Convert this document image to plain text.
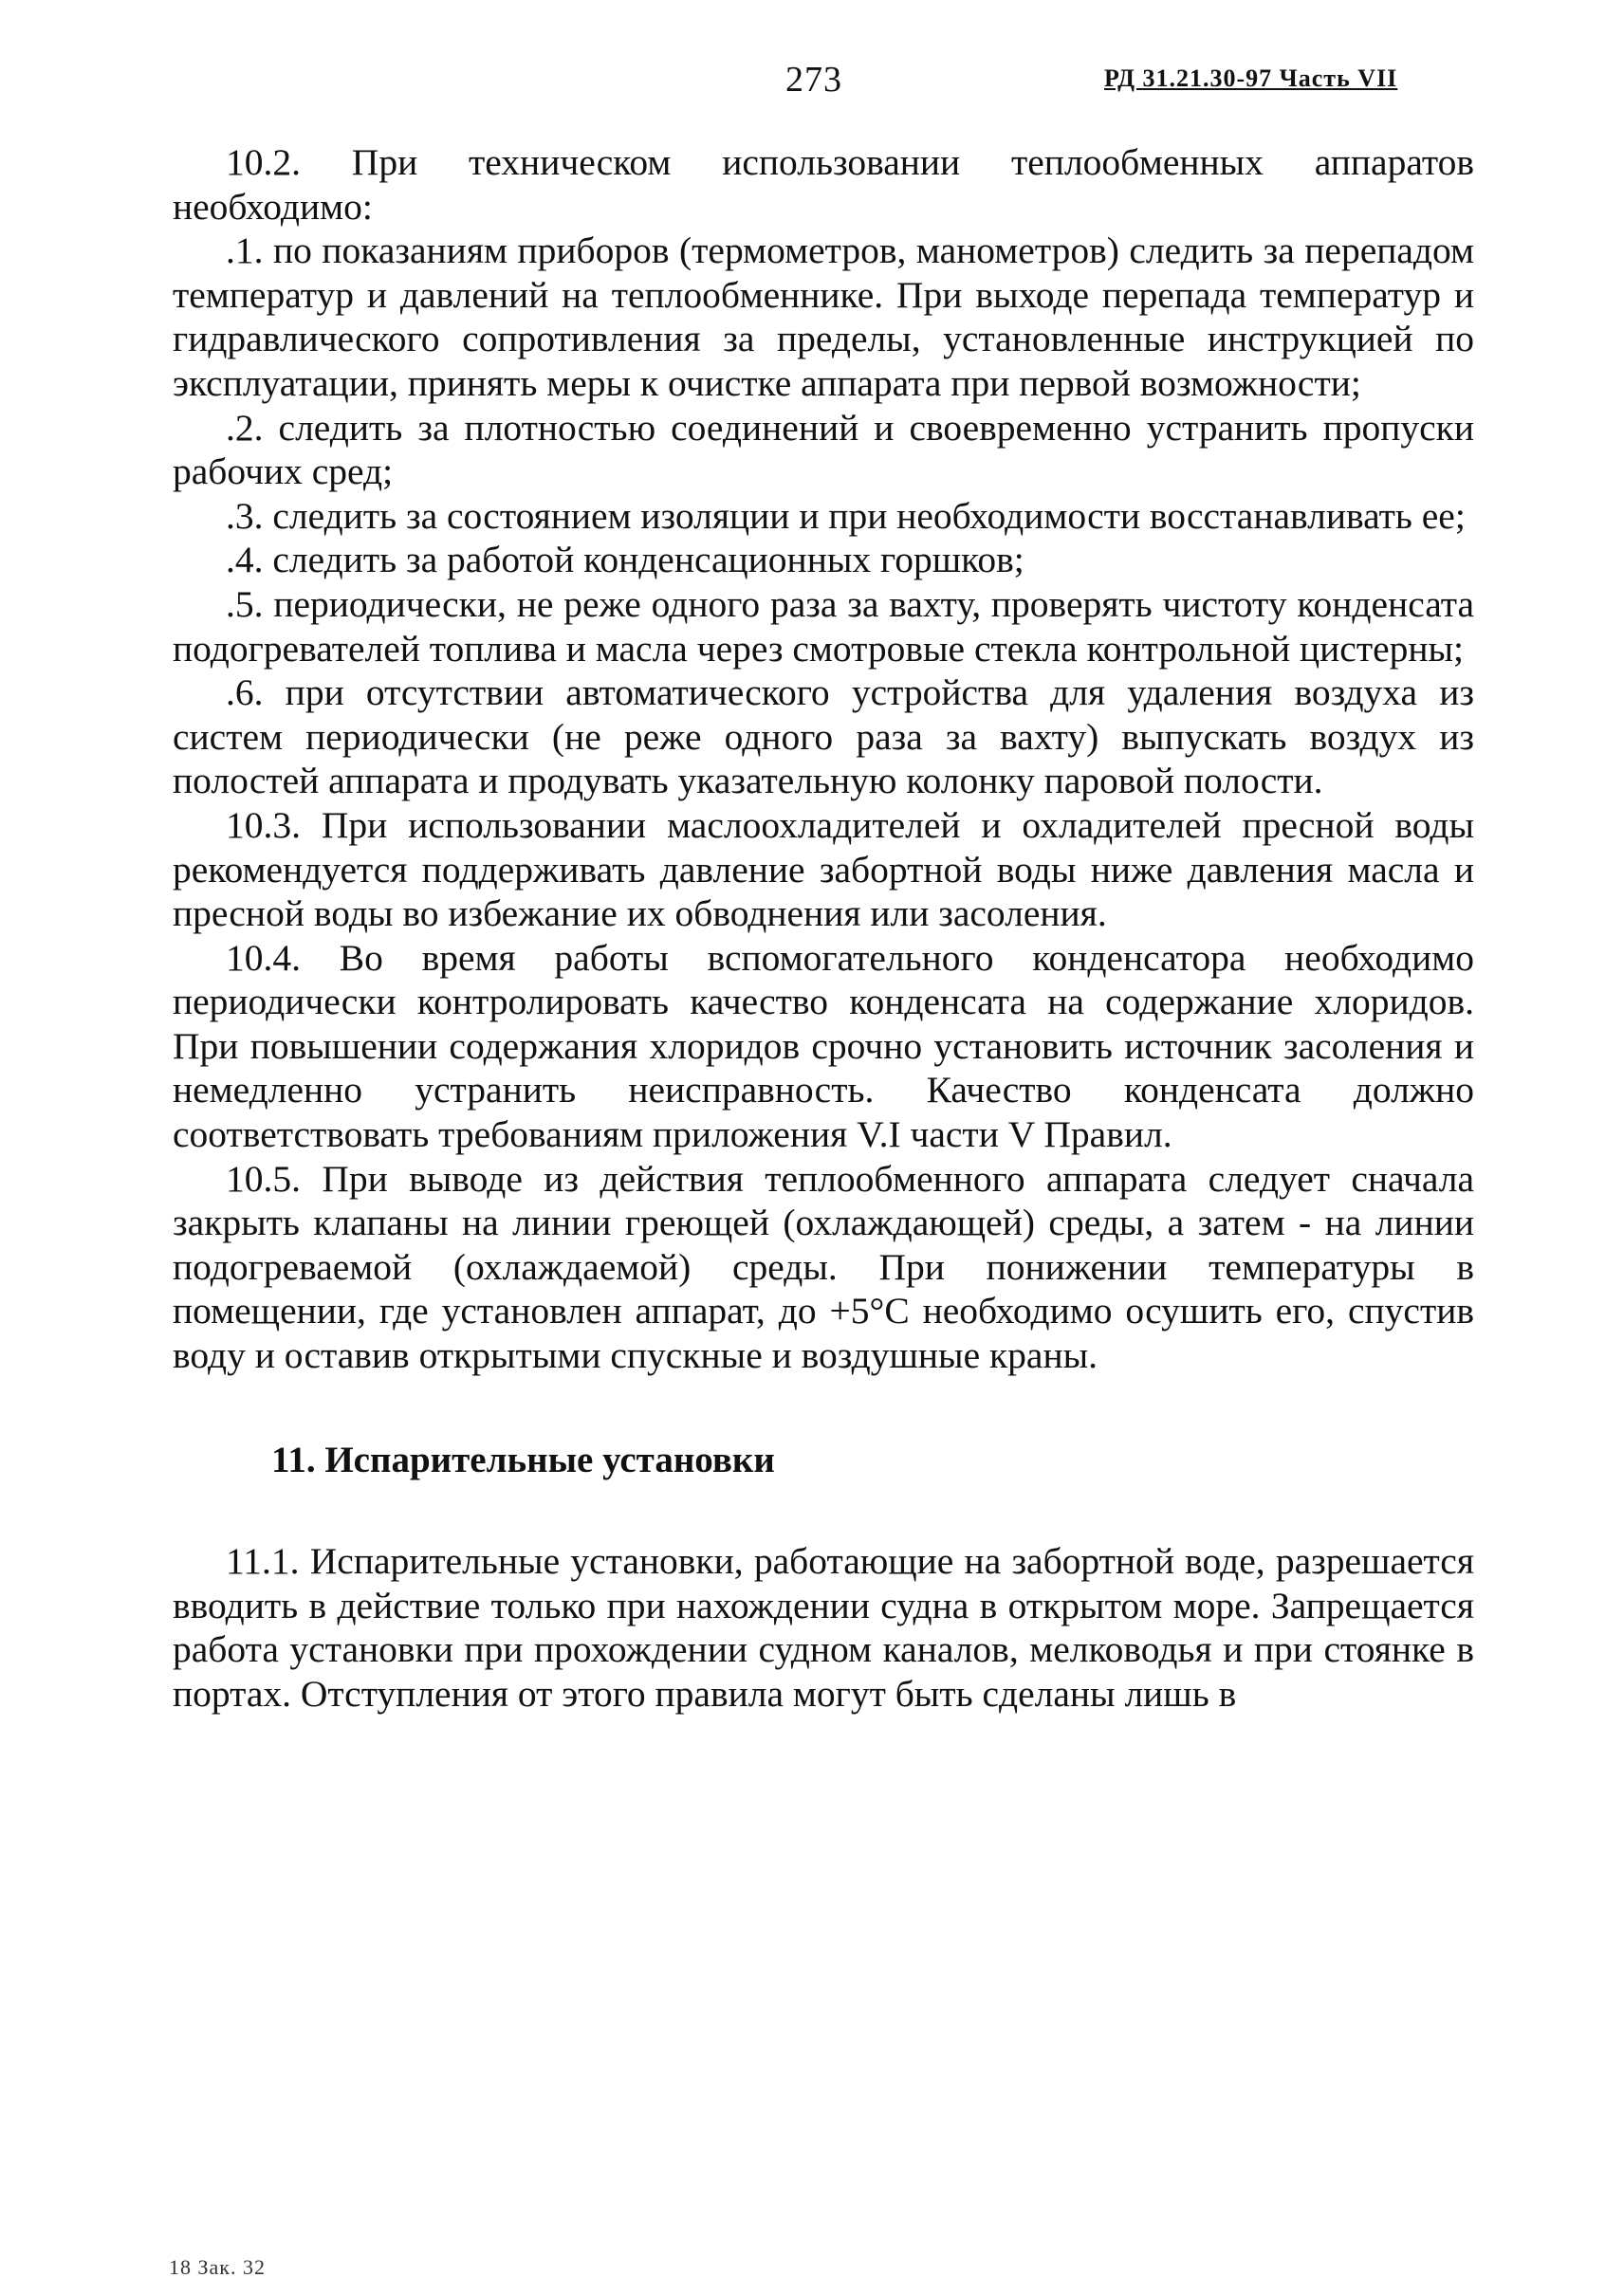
273	РД 31.21.30-97 Часть VII

10.2. При техническом использовании теплообменных аппаратов необходимо:

.1. по показаниям приборов (термометров, манометров) следить за перепадом температур и давлений на теплообменнике. При выходе перепада температур и гидравлического сопротивления за пределы, установленные инструкцией по эксплуатации, принять меры к очистке аппарата при первой возможности;

.2. следить за плотностью соединений и своевременно устранить пропуски рабочих сред;

.3. следить за состоянием изоляции и при необходимости восстанавливать ее;

.4. следить за работой конденсационных горшков;

.5. периодически, не реже одного раза за вахту, проверять чистоту конденсата подогревателей топлива и масла через смотровые стекла контрольной цистерны;

.6. при отсутствии автоматического устройства для удаления воздуха из систем периодически (не реже одного раза за вахту) выпускать воздух из полостей аппарата и продувать указательную колонку паровой полости.

10.3. При использовании маслоохладителей и охладителей пресной воды рекомендуется поддерживать давление забортной воды ниже давления масла и пресной воды во избежание их обводнения или засоления.

10.4. Во время работы вспомогательного конденсатора необходимо периодически контролировать качество конденсата на содержание хлоридов. При повышении содержания хлоридов срочно установить источник засоления и немедленно устранить неисправность. Качество конденсата должно соответствовать требованиям приложения V.I части V Правил.

10.5. При выводе из действия теплообменного аппарата следует сначала закрыть клапаны на линии греющей (охлаждающей) среды, а затем - на линии подогреваемой (охлаждаемой) среды. При понижении температуры в помещении, где установлен аппарат, до +5°C необходимо осушить его, спустив воду и оставив открытыми спускные и воздушные краны.

11. Испарительные установки

11.1. Испарительные установки, работающие на забортной воде, разрешается вводить в действие только при нахождении судна в открытом море. Запрещается работа установки при прохождении судном каналов, мелководья и при стоянке в портах. Отступления от этого правила могут быть сделаны лишь в

18 Зак. 32
